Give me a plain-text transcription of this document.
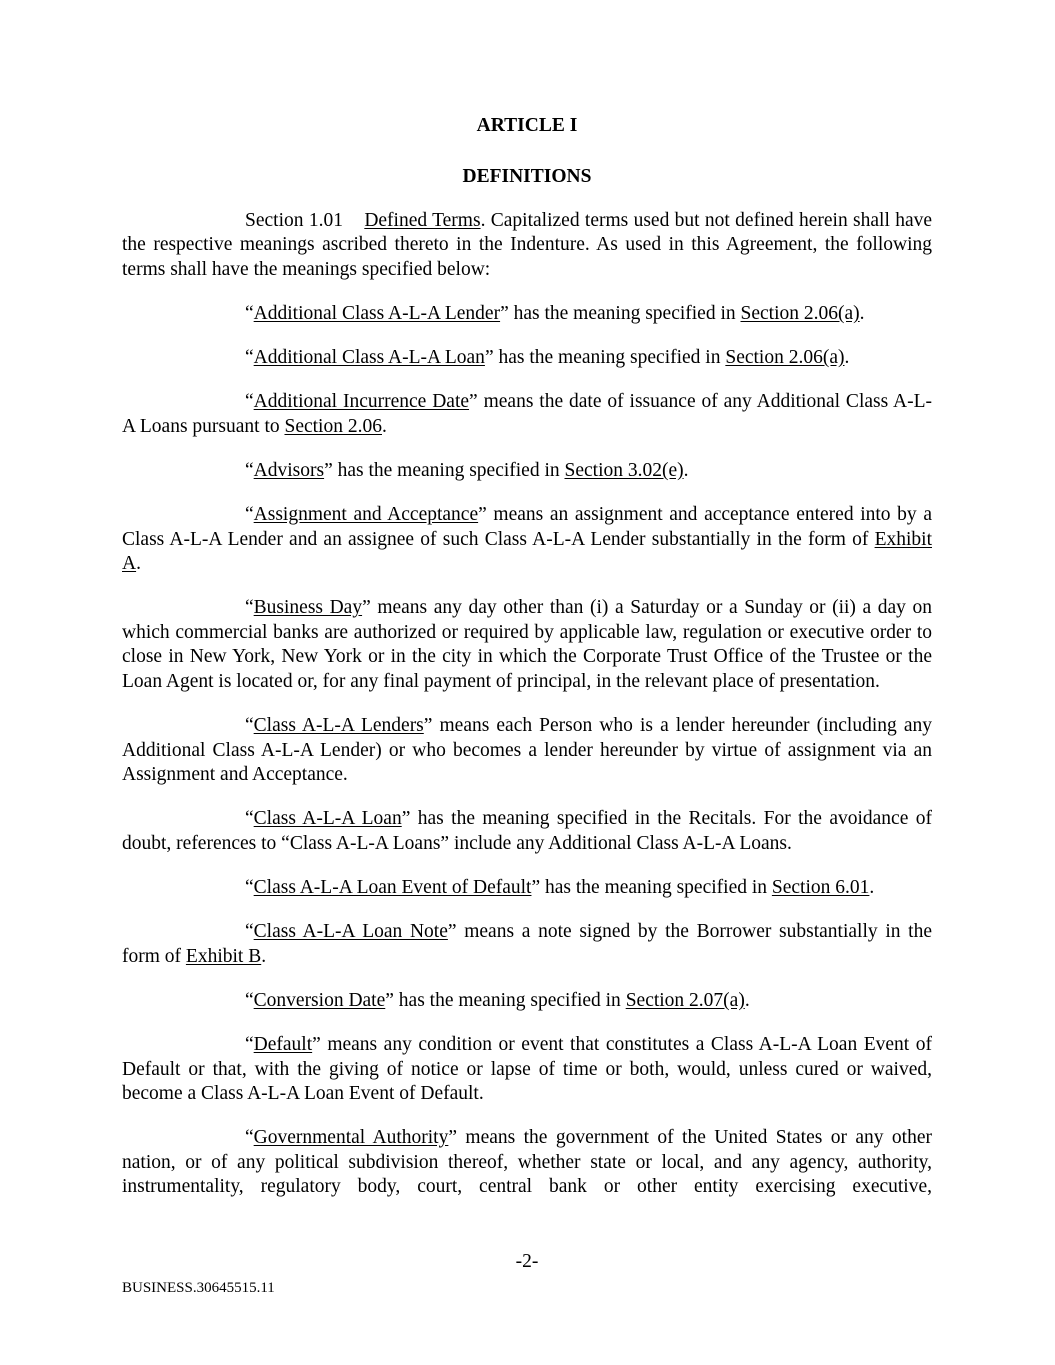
ARTICLE I
DEFINITIONS

Section 1.01    Defined Terms. Capitalized terms used but not defined herein shall have the respective meanings ascribed thereto in the Indenture. As used in this Agreement, the following terms shall have the meanings specified below:

“Additional Class A-L-A Lender” has the meaning specified in Section 2.06(a).

“Additional Class A-L-A Loan” has the meaning specified in Section 2.06(a).

“Additional Incurrence Date” means the date of issuance of any Additional Class A-L-A Loans pursuant to Section 2.06.

“Advisors” has the meaning specified in Section 3.02(e).

“Assignment and Acceptance” means an assignment and acceptance entered into by a Class A-L-A Lender and an assignee of such Class A-L-A Lender substantially in the form of Exhibit A.

“Business Day” means any day other than (i) a Saturday or a Sunday or (ii) a day on which commercial banks are authorized or required by applicable law, regulation or executive order to close in New York, New York or in the city in which the Corporate Trust Office of the Trustee or the Loan Agent is located or, for any final payment of principal, in the relevant place of presentation.

“Class A-L-A Lenders” means each Person who is a lender hereunder (including any Additional Class A-L-A Lender) or who becomes a lender hereunder by virtue of assignment via an Assignment and Acceptance.

“Class A-L-A Loan” has the meaning specified in the Recitals. For the avoidance of doubt, references to “Class A-L-A Loans” include any Additional Class A-L-A Loans.

“Class A-L-A Loan Event of Default” has the meaning specified in Section 6.01.

“Class A-L-A Loan Note” means a note signed by the Borrower substantially in the form of Exhibit B.

“Conversion Date” has the meaning specified in Section 2.07(a).

“Default” means any condition or event that constitutes a Class A-L-A Loan Event of Default or that, with the giving of notice or lapse of time or both, would, unless cured or waived, become a Class A-L-A Loan Event of Default.

“Governmental Authority” means the government of the United States or any other nation, or of any political subdivision thereof, whether state or local, and any agency, authority, instrumentality, regulatory body, court, central bank or other entity exercising executive,

-2-
BUSINESS.30645515.11
